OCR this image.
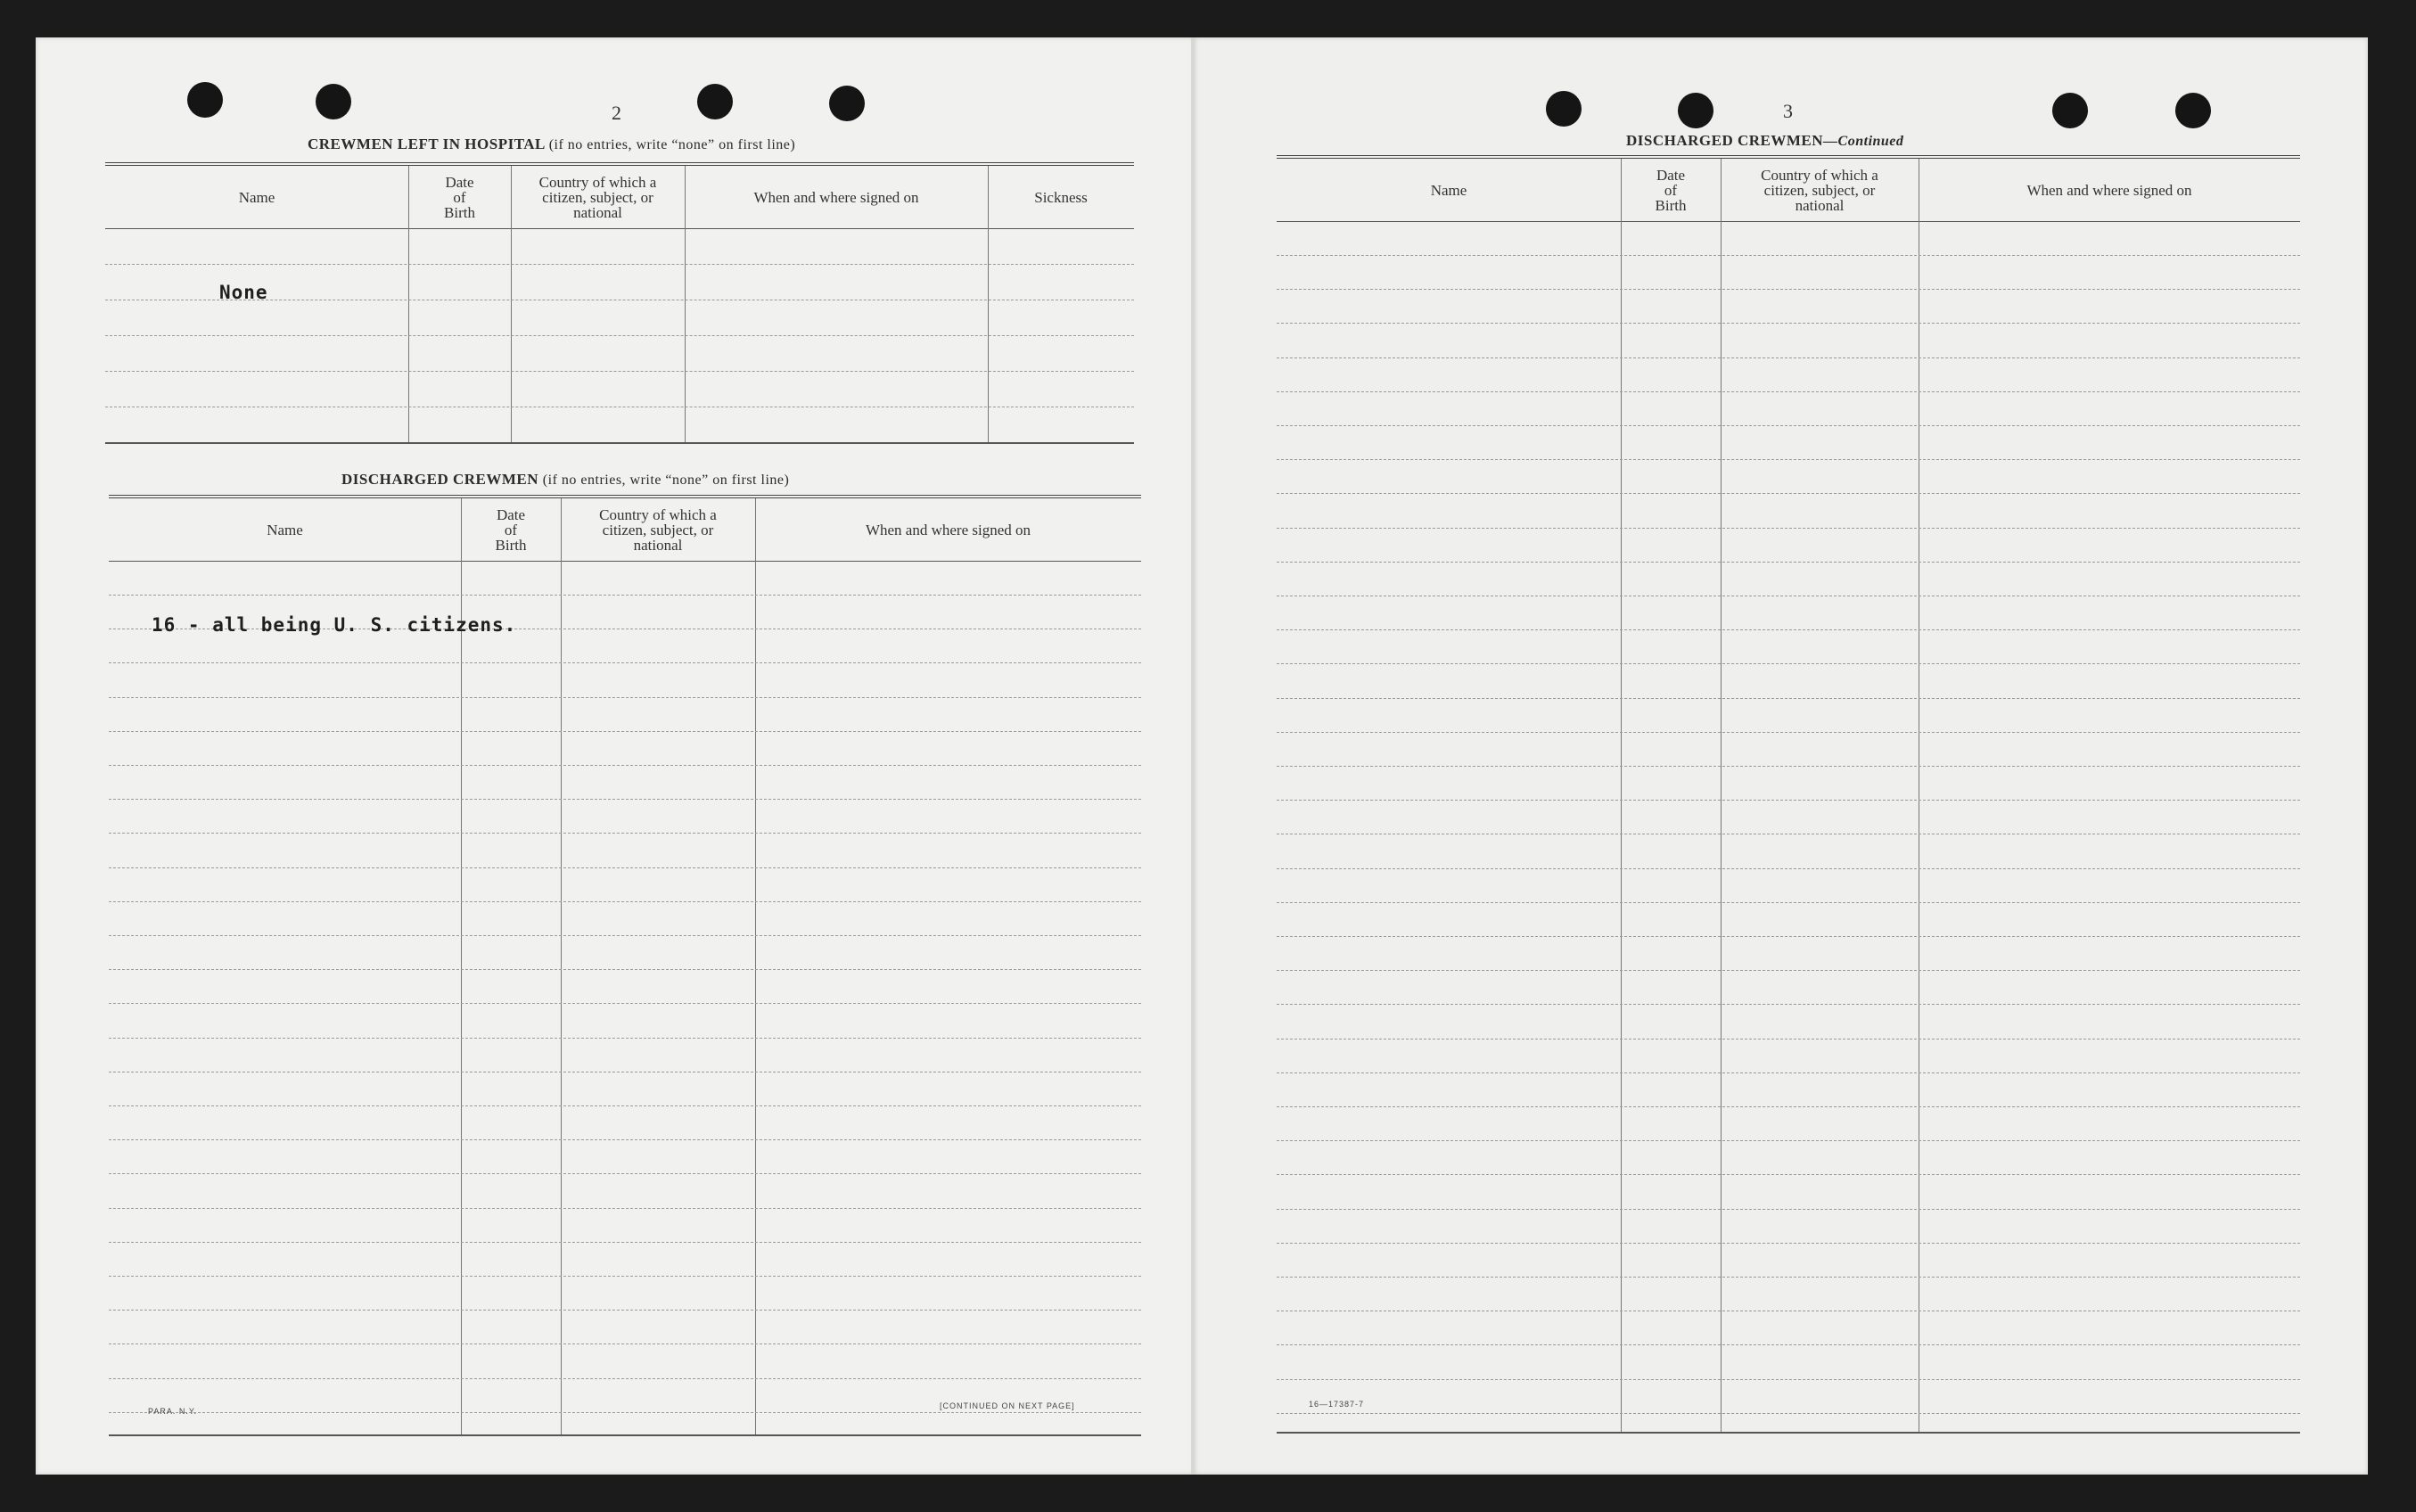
2
CREWMEN LEFT IN HOSPITAL (if no entries, write “none” on first line)
Name
Date
of
Birth
Country of which a
citizen, subject, or
national
When and where signed on	Sickness
None
DISCHARGED CREWMEN (if no entries, write “none” on first line)
Name
Date
of
Birth
Country of which a
citizen, subject, or
national
When and where signed on
16 - all being U. S. citizens.
PARA. N.Y.
[CONTINUED ON NEXT PAGE]
3
DISCHARGED CREWMEN—Continued
Name
Date
of
Birth
Country of which a
citizen, subject, or
national
When and where signed on
16—17387-7
